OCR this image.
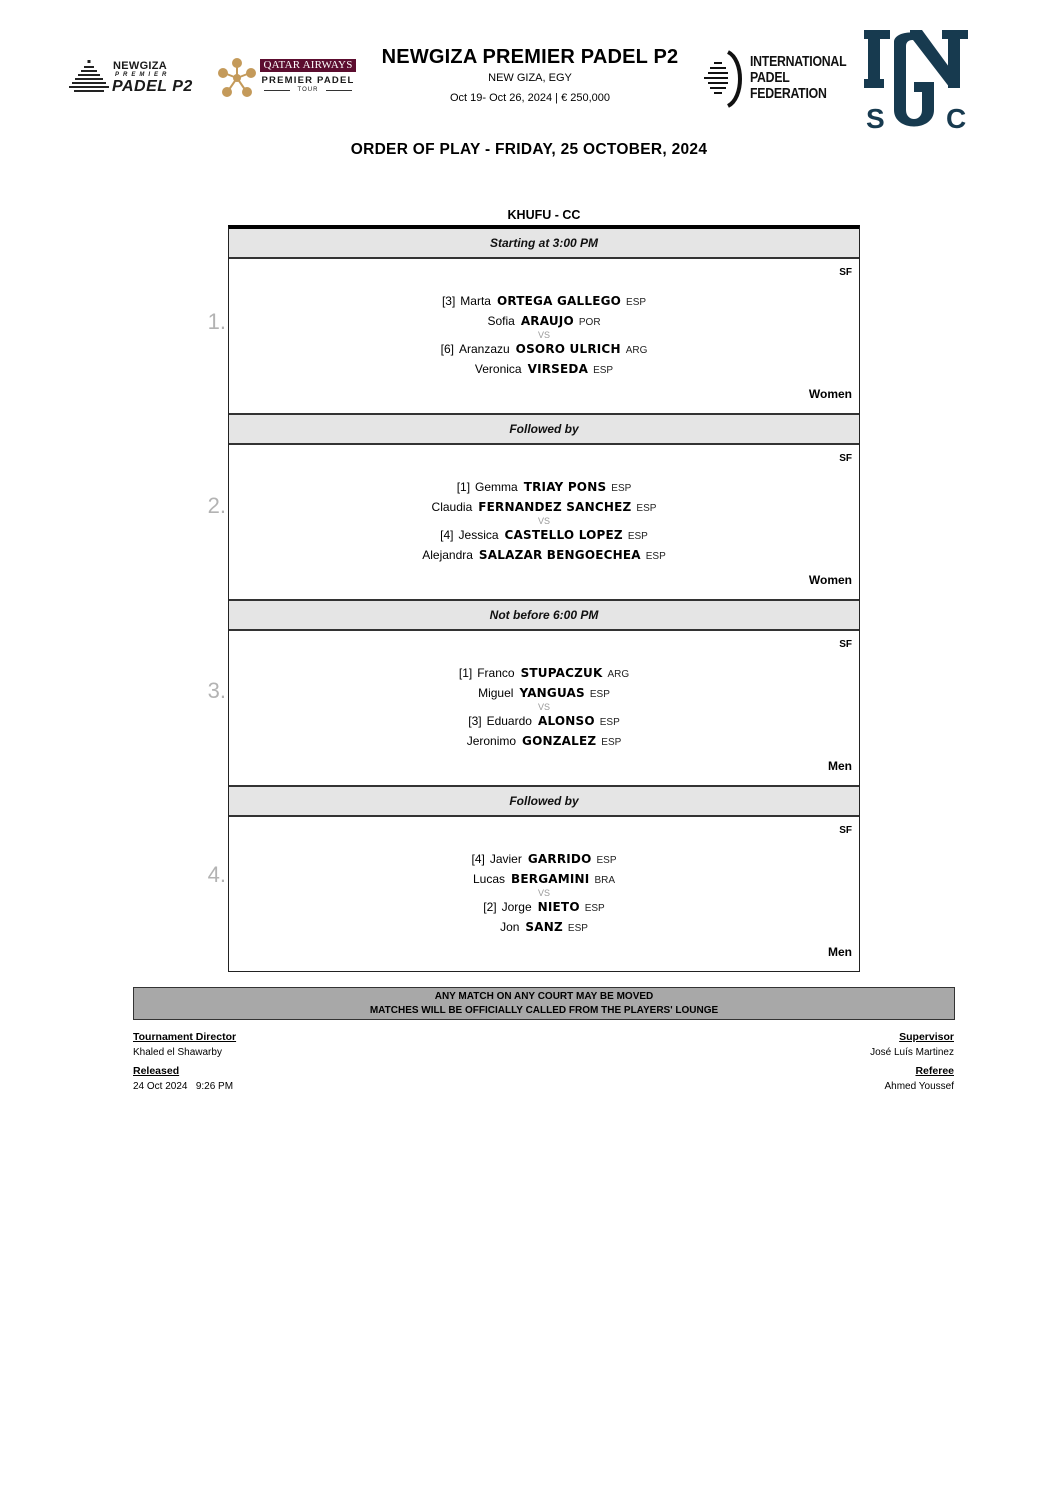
NEWGIZA
PREMIER
PADEL P2
QATAR AIRWAYS
PREMIER PADEL
TOUR
NEWGIZA PREMIER PADEL P2
NEW GIZA, EGY
Oct 19- Oct 26, 2024 | € 250,000
INTERNATIONAL
PADEL
FEDERATION
S C
ORDER OF PLAY - FRIDAY, 25 OCTOBER, 2024
KHUFU - CC
Starting at 3:00 PM
SF
[3] Marta ORTEGA GALLEGO ESP
Sofia ARAUJO POR
VS
[6] Aranzazu OSORO ULRICH ARG
Veronica VIRSEDA ESP
Women
Followed by
SF
[1] Gemma TRIAY PONS ESP
Claudia FERNANDEZ SANCHEZ ESP
VS
[4] Jessica CASTELLO LOPEZ ESP
Alejandra SALAZAR BENGOECHEA ESP
Women
Not before 6:00 PM
SF
[1] Franco STUPACZUK ARG
Miguel YANGUAS ESP
VS
[3] Eduardo ALONSO ESP
Jeronimo GONZALEZ ESP
Men
Followed by
SF
[4] Javier GARRIDO ESP
Lucas BERGAMINI BRA
VS
[2] Jorge NIETO ESP
Jon SANZ ESP
Men
1.
2.
3.
4.
ANY MATCH ON ANY COURT MAY BE MOVED
MATCHES WILL BE OFFICIALLY CALLED FROM THE PLAYERS' LOUNGE
Tournament Director
Khaled el Shawarby
Released
24 Oct 2024   9:26 PM
Supervisor
José Luís Martinez
Referee
Ahmed Youssef
